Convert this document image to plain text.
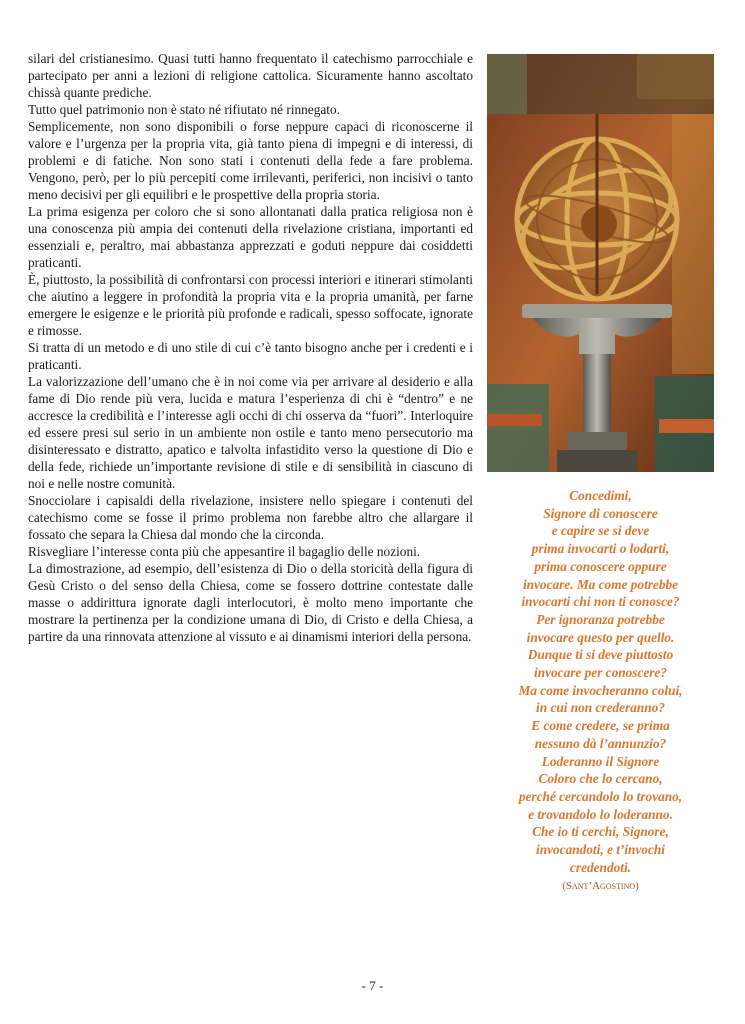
silari del cristianesimo. Quasi tutti hanno frequentato il catechismo parrocchiale e partecipato per anni a lezioni di religione cattolica. Sicuramente hanno ascoltato chissà quante prediche.

Tutto quel patrimonio non è stato né rifiutato né rinnegato.

Semplicemente, non sono disponibili o forse neppure capaci di riconoscerne il valore e l’urgenza per la propria vita, già tanto piena di impegni e di interessi, di problemi e di fatiche. Non sono stati i contenuti della fede a fare problema. Vengono, però, per lo più percepiti come irrilevanti, periferici, non incisivi o tanto meno decisivi per gli equilibri e le prospettive della propria storia.

La prima esigenza per coloro che si sono allontanati dalla pratica religiosa non è una conoscenza più ampia dei contenuti della rivelazione cristiana, importanti ed essenziali e, peraltro, mai abbastanza apprezzati e goduti neppure dai cosiddetti praticanti.

È, piuttosto, la possibilità di confrontarsi con processi interiori e itinerari stimolanti che aiutino a leggere in profondità la propria vita e la propria umanità, per farne emergere le esigenze e le priorità più profonde e radicali, spesso soffocate, ignorate e rimosse.

Si tratta di un metodo e di uno stile di cui c’è tanto bisogno anche per i credenti e i praticanti.

La valorizzazione dell’umano che è in noi come via per arrivare al desiderio e alla fame di Dio rende più vera, lucida e matura l’esperienza di chi è “dentro” e ne accresce la credibilità e l’interesse agli occhi di chi osserva da “fuori”. Interloquire ed essere presi sul serio in un ambiente non ostile e tanto meno persecutorio ma disinteressato e distratto, apatico e talvolta infastidito verso la questione di Dio e della fede, richiede un’importante revisione di stile e di sensibilità in ciascuno di noi e nelle nostre comunità.

Snocciolare i capisaldi della rivelazione, insistere nello spiegare i contenuti del catechismo come se fosse il primo problema non farebbe altro che allargare il fossato che separa la Chiesa dal mondo che la circonda.

Risvegliare l’interesse conta più che appesantire il bagaglio delle nozioni.

La dimostrazione, ad esempio, dell’esistenza di Dio o della storicità della figura di Gesù Cristo o del senso della Chiesa, come se fossero dottrine contestate dalle masse o addirittura ignorate dagli interlocutori, è molto meno importante che mostrare la pertinenza per la condizione umana di Dio, di Cristo e della Chiesa, a partire da una rinnovata attenzione al vissuto e ai dinamismi interiori della persona.

Concedimi,
Signore di conoscere
e capire se si deve
prima invocarti o lodarti,
prima conoscere oppure
invocare. Ma come potrebbe
invocarti chi non ti conosce?
Per ignoranza potrebbe
invocare questo per quello.
Dunque ti si deve piuttosto
invocare per conoscere?
Ma come invocheranno colui,
in cui non crederanno?
E come credere, se prima
nessuno dà l’annunzio?
Loderanno il Signore
Coloro che lo cercano,
perché cercandolo lo trovano,
e trovandolo lo loderanno.
Che io ti cerchi, Signore,
invocandoti, e t’invochi
credendoti.
(Sant’Agostino)
- 7 -
